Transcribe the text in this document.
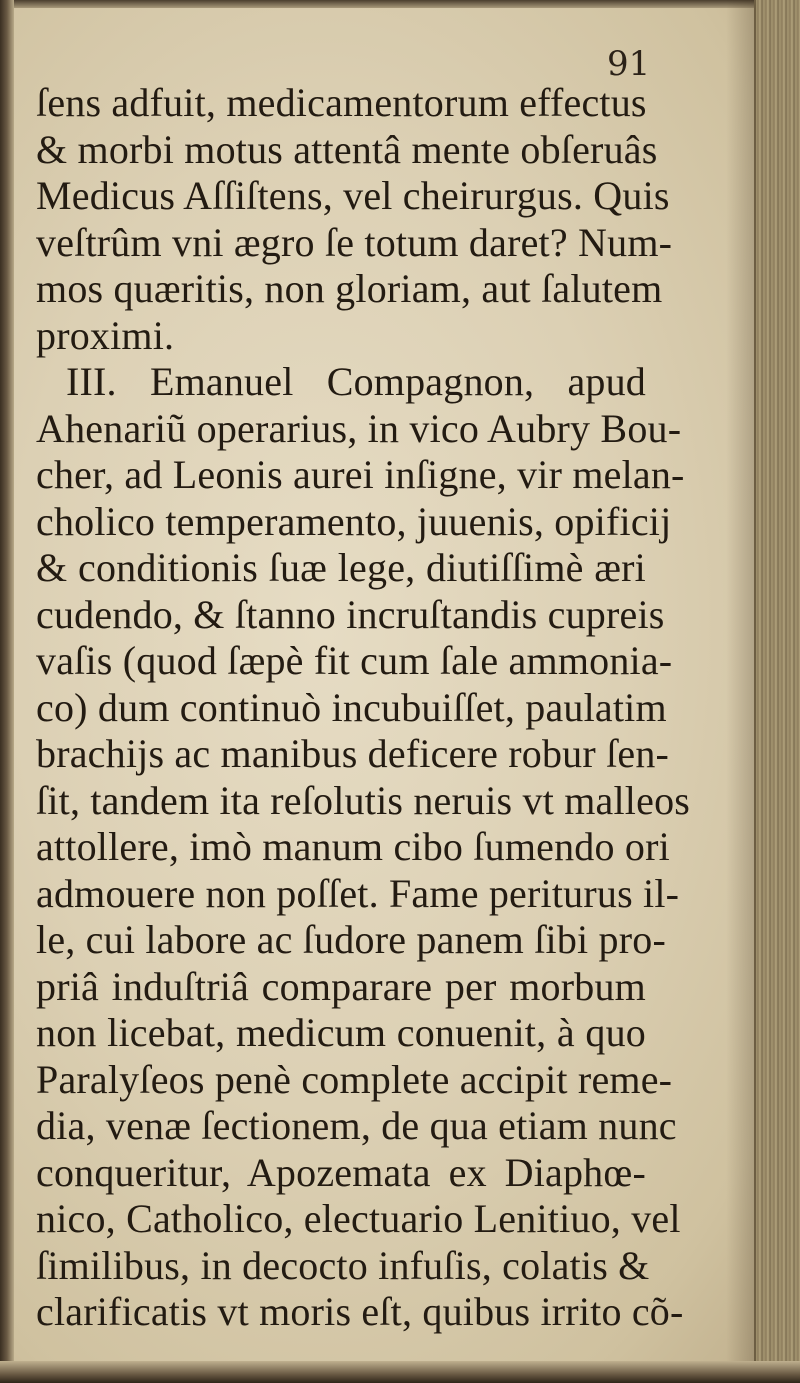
91

ſens adfuit, medicamentorum effectus
& morbi motus attentâ mente obſeruâs
Medicus Aſſiſtens, vel cheirurgus. Quis
veſtrûm vni ægro ſe totum daret? Num-
mos quæritis, non gloriam, aut ſalutem
proximi.
III. Emanuel Compagnon, apud
Ahenariũ operarius, in vico Aubry Bou-
cher, ad Leonis aurei inſigne, vir melan-
cholico temperamento, juuenis, opificij
& conditionis ſuæ lege, diutiſſimè æri
cudendo, & ſtanno incruſtandis cupreis
vaſis (quod ſæpè fit cum ſale ammonia-
co) dum continuò incubuiſſet, paulatim
brachijs ac manibus deficere robur ſen-
ſit, tandem ita reſolutis neruis vt malleos
attollere, imò manum cibo ſumendo ori
admouere non poſſet. Fame periturus il-
le, cui labore ac ſudore panem ſibi pro-
priâ induſtriâ comparare per morbum
non licebat, medicum conuenit, à quo
Paralyſeos penè complete accipit reme-
dia, venæ ſectionem, de qua etiam nunc
conqueritur, Apozemata ex Diaphœ-
nico, Catholico, electuario Lenitiuo, vel
ſimilibus, in decocto infuſis, colatis &
clarificatis vt moris eſt, quibus irrito cõ-
